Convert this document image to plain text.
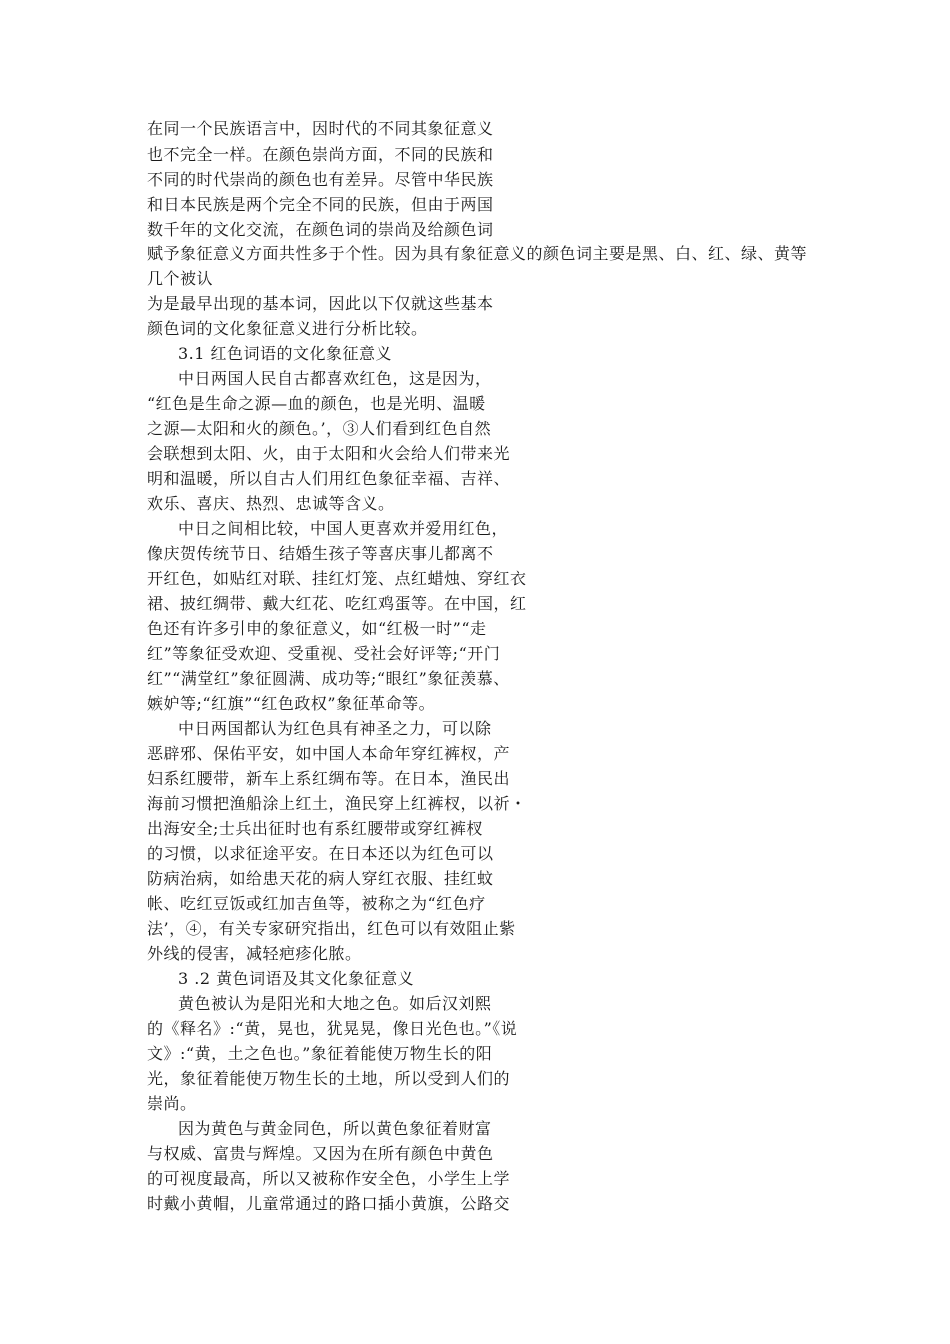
在同一个民族语言中，因时代的不同其象征意义
也不完全一样。在颜色崇尚方面，不同的民族和
不同的时代崇尚的颜色也有差异。尽管中华民族
和日本民族是两个完全不同的民族，但由于两国
数千年的文化交流，在颜色词的崇尚及给颜色词
赋予象征意义方面共性多于个性。因为具有象征意义的颜色词主要是黑、白、红、绿、黄等
几个被认
为是最早出现的基本词，因此以下仅就这些基本
颜色词的文化象征意义进行分析比较。
3.1 红色词语的文化象征意义
中日两国人民自古都喜欢红色，这是因为，
“红色是生命之源—血的颜色，也是光明、温暖
之源—太阳和火的颜色。’，③人们看到红色自然
会联想到太阳、火，由于太阳和火会给人们带来光
明和温暖，所以自古人们用红色象征幸福、吉祥、
欢乐、喜庆、热烈、忠诚等含义。
中日之间相比较，中国人更喜欢并爱用红色，
像庆贺传统节日、结婚生孩子等喜庆事儿都离不
开红色，如贴红对联、挂红灯笼、点红蜡烛、穿红衣
裙、披红绸带、戴大红花、吃红鸡蛋等。在中国，红
色还有许多引申的象征意义，如“红极一时”“走
红”等象征受欢迎、受重视、受社会好评等;“开门
红”“满堂红”象征圆满、成功等;“眼红”象征羡慕、
嫉妒等;“红旗”“红色政权”象征革命等。
中日两国都认为红色具有神圣之力，可以除
恶辟邪、保佑平安，如中国人本命年穿红裤杈，产
妇系红腰带，新车上系红绸布等。在日本，渔民出
海前习惯把渔船涂上红土，渔民穿上红裤杈，以祈・
出海安全;士兵出征时也有系红腰带或穿红裤杈
的习惯，以求征途平安。在日本还以为红色可以
防病治病，如给患天花的病人穿红衣服、挂红蚊
帐、吃红豆饭或红加吉鱼等，被称之为“红色疗
法’，④，有关专家研究指出，红色可以有效阻止紫
外线的侵害，减轻疤疹化脓。
3 .2 黄色词语及其文化象征意义
黄色被认为是阳光和大地之色。如后汉刘熙
的《释名》:“黄，晃也，犹晃晃，像日光色也。”《说
文》:“黄，土之色也。”象征着能使万物生长的阳
光，象征着能使万物生长的土地，所以受到人们的
崇尚。
因为黄色与黄金同色，所以黄色象征着财富
与权威、富贵与辉煌。又因为在所有颜色中黄色
的可视度最高，所以又被称作安全色，小学生上学
时戴小黄帽，儿童常通过的路口插小黄旗，公路交
